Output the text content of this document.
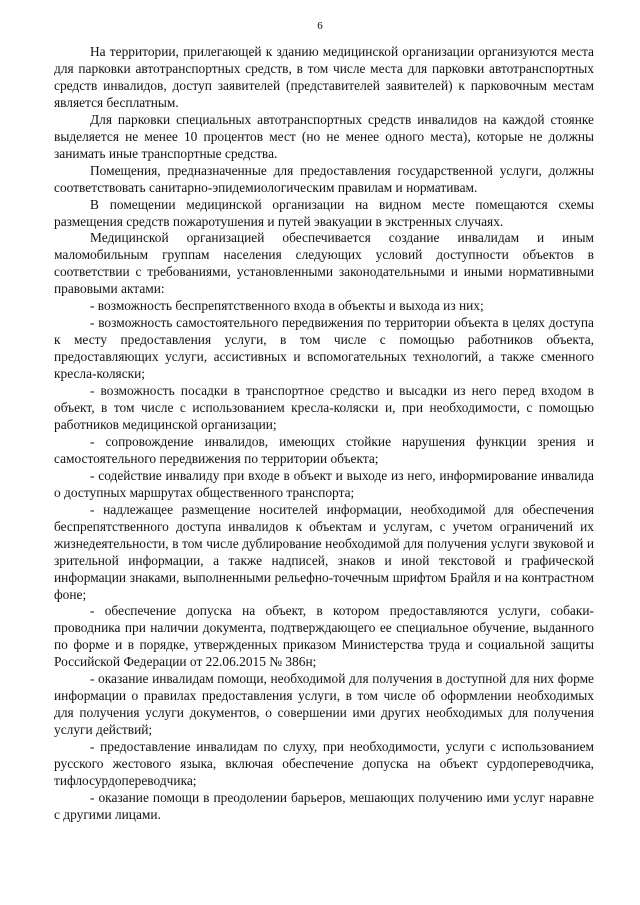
6

На территории, прилегающей к зданию медицинской организации организуются места для парковки автотранспортных средств, в том числе места для парковки автотранспортных средств инвалидов, доступ заявителей (представителей заявителей) к парковочным местам является бесплатным.

Для парковки специальных автотранспортных средств инвалидов на каждой стоянке выделяется не менее 10 процентов мест (но не менее одного места), которые не должны занимать иные транспортные средства.

Помещения, предназначенные для предоставления государственной услуги, должны соответствовать санитарно-эпидемиологическим правилам и нормативам.

В помещении медицинской организации на видном месте помещаются схемы размещения средств пожаротушения и путей эвакуации в экстренных случаях.

Медицинской организацией обеспечивается создание инвалидам и иным маломобильным группам населения следующих условий доступности объектов в соответствии с требованиями, установленными законодательными и иными нормативными правовыми актами:

- возможность беспрепятственного входа в объекты и выхода из них;

- возможность самостоятельного передвижения по территории объекта в целях доступа к месту предоставления услуги, в том числе с помощью работников объекта, предоставляющих услуги, ассистивных и вспомогательных технологий, а также сменного кресла-коляски;

- возможность посадки в транспортное средство и высадки из него перед входом в объект, в том числе с использованием кресла-коляски и, при необходимости, с помощью работников медицинской организации;

- сопровождение инвалидов, имеющих стойкие нарушения функции зрения и самостоятельного передвижения по территории объекта;

- содействие инвалиду при входе в объект и выходе из него, информирование инвалида о доступных маршрутах общественного транспорта;

- надлежащее размещение носителей информации, необходимой для обеспечения беспрепятственного доступа инвалидов к объектам и услугам, с учетом ограничений их жизнедеятельности, в том числе дублирование необходимой для получения услуги звуковой и зрительной информации, а также надписей, знаков и иной текстовой и графической информации знаками, выполненными рельефно-точечным шрифтом Брайля и на контрастном фоне;

- обеспечение допуска на объект, в котором предоставляются услуги, собаки-проводника при наличии документа, подтверждающего ее специальное обучение, выданного по форме и в порядке, утвержденных приказом Министерства труда и социальной защиты Российской Федерации от 22.06.2015 № 386н;

- оказание инвалидам помощи, необходимой для получения в доступной для них форме информации о правилах предоставления услуги, в том числе об оформлении необходимых для получения услуги документов, о совершении ими других необходимых для получения услуги действий;

- предоставление инвалидам по слуху, при необходимости, услуги с использованием русского жестового языка, включая обеспечение допуска на объект сурдопереводчика, тифлосурдопереводчика;

- оказание помощи в преодолении барьеров, мешающих получению ими услуг наравне с другими лицами.
